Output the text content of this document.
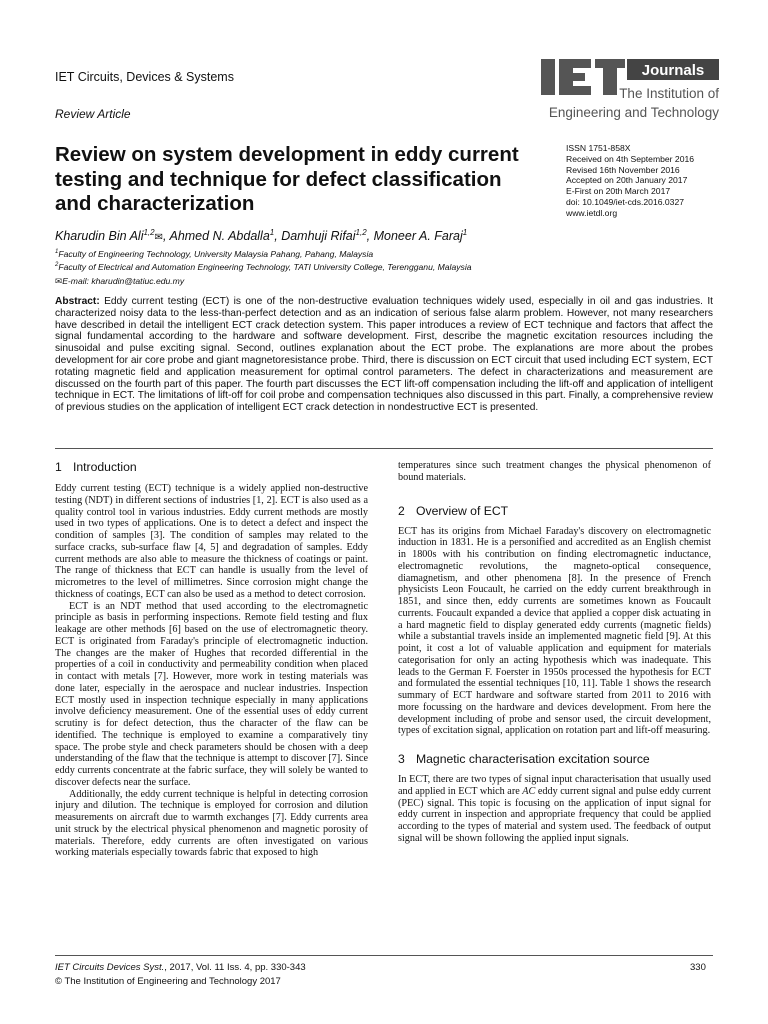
IET Circuits, Devices & Systems
Review Article
Journals
The Institution of
Engineering and Technology
Review on system development in eddy current testing and technique for defect classification and characterization
ISSN 1751-858X
Received on 4th September 2016
Revised 16th November 2016
Accepted on 20th January 2017
E-First on 20th March 2017
doi: 10.1049/iet-cds.2016.0327
www.ietdl.org
Kharudin Bin Ali$^{1,2}$✉, Ahmed N. Abdalla$^1$, Damhuji Rifai$^{1,2}$, Moneer A. Faraj$^1$
$^1$Faculty of Engineering Technology, University Malaysia Pahang, Pahang, Malaysia
$^2$Faculty of Electrical and Automation Engineering Technology, TATI University College, Terengganu, Malaysia
✉E-mail: kharudin@tatiuc.edu.my

Abstract: Eddy current testing (ECT) is one of the non-destructive evaluation techniques widely used, especially in oil and gas industries. It characterized noisy data to the less-than-perfect detection and as an indication of serious false alarm problem. However, not many researchers have described in detail the intelligent ECT crack detection system. This paper introduces a review of ECT technique and factors that affect the signal fundamental according to the hardware and software development. First, describe the magnetic excitation resources including the sinusoidal and pulse exciting signal. Second, outlines explanation about the ECT probe. The explanations are more about the probes development for air core probe and giant magnetoresistance probe. Third, there is discussion on ECT circuit that used including ECT system, ECT rotating magnetic field and application measurement for optimal control parameters. The defect in characterizations and measurement are discussed on the fourth part of this paper. The fourth part discusses the ECT lift-off compensation including the lift-off and application of intelligent technique in ECT. The limitations of lift-off for coil probe and compensation techniques also discussed in this part. Finally, a comprehensive review of previous studies on the application of intelligent ECT crack detection in nondestructive ECT is presented.

1 Introduction

Eddy current testing (ECT) technique is a widely applied non-destructive testing (NDT) in different sections of industries [1, 2]. ECT is also used as a quality control tool in various industries. Eddy current methods are mostly used in two types of applications. One is to detect a defect and inspect the condition of samples [3]. The condition of samples may related to the surface cracks, sub-surface flaw [4, 5] and degradation of samples. Eddy current methods are also able to measure the thickness of coatings or paint. The range of thickness that ECT can handle is usually from the level of micrometres to the level of millimetres. Since corrosion might change the thickness of coatings, ECT can also be used as a method to detect corrosion.

ECT is an NDT method that used according to the electromagnetic principle as basis in performing inspections. Remote field testing and flux leakage are other methods [6] based on the use of electromagnetic theory. ECT is originated from Faraday's principle of electromagnetic induction. The changes are the maker of Hughes that recorded differential in the properties of a coil in conductivity and permeability condition when placed in contact with metals [7]. However, more work in testing materials was done later, especially in the aerospace and nuclear industries. Inspection ECT mostly used in inspection technique especially in many applications involve deficiency measurement. One of the essential uses of eddy current scrutiny is for defect detection, thus the character of the flaw can be identified. The technique is employed to examine a comparatively tiny space. The probe style and check parameters should be chosen with a deep understanding of the flaw that the technique is attempt to discover [7]. Since eddy currents concentrate at the fabric surface, they will solely be wanted to discover defects near the surface.

Additionally, the eddy current technique is helpful in detecting corrosion injury and dilution. The technique is employed for corrosion and dilution measurements on aircraft due to warmth exchanges [7]. Eddy currents area unit struck by the electrical physical phenomenon and magnetic porosity of materials. Therefore, eddy currents are often investigated on various working materials especially towards fabric that exposed to high

temperatures since such treatment changes the physical phenomenon of bound materials.

2 Overview of ECT

ECT has its origins from Michael Faraday's discovery on electromagnetic induction in 1831. He is a personified and accredited as an English chemist in 1800s with his contribution on finding electromagnetic inductance, electromagnetic revolutions, the magneto-optical consequence, diamagnetism, and other phenomena [8]. In the presence of French physicists Leon Foucault, he carried on the eddy current breakthrough in 1851, and since then, eddy currents are sometimes known as Foucault currents. Foucault expanded a device that applied a copper disk actuating in a hard magnetic field to display generated eddy currents (magnetic fields) while a substantial travels inside an implemented magnetic field [9]. At this point, it cost a lot of valuable application and equipment for materials categorisation for only an acting hypothesis which was inadequate. This leads to the German F. Foerster in 1950s processed the hypothesis for ECT and formulated the essential techniques [10, 11]. Table 1 shows the research summary of ECT hardware and software started from 2011 to 2016 with more focussing on the hardware and devices development. From here the development including of probe and sensor used, the circuit development, types of excitation signal, application on rotation part and lift-off measuring.

3 Magnetic characterisation excitation source

In ECT, there are two types of signal input characterisation that usually used and applied in ECT which are AC eddy current signal and pulse eddy current (PEC) signal. This topic is focusing on the application of input signal for eddy current in inspection and appropriate frequency that could be applied according to the types of material and system used. The feedback of output signal will be shown following the applied input signals.

IET Circuits Devices Syst., 2017, Vol. 11 Iss. 4, pp. 330-343
© The Institution of Engineering and Technology 2017
330
